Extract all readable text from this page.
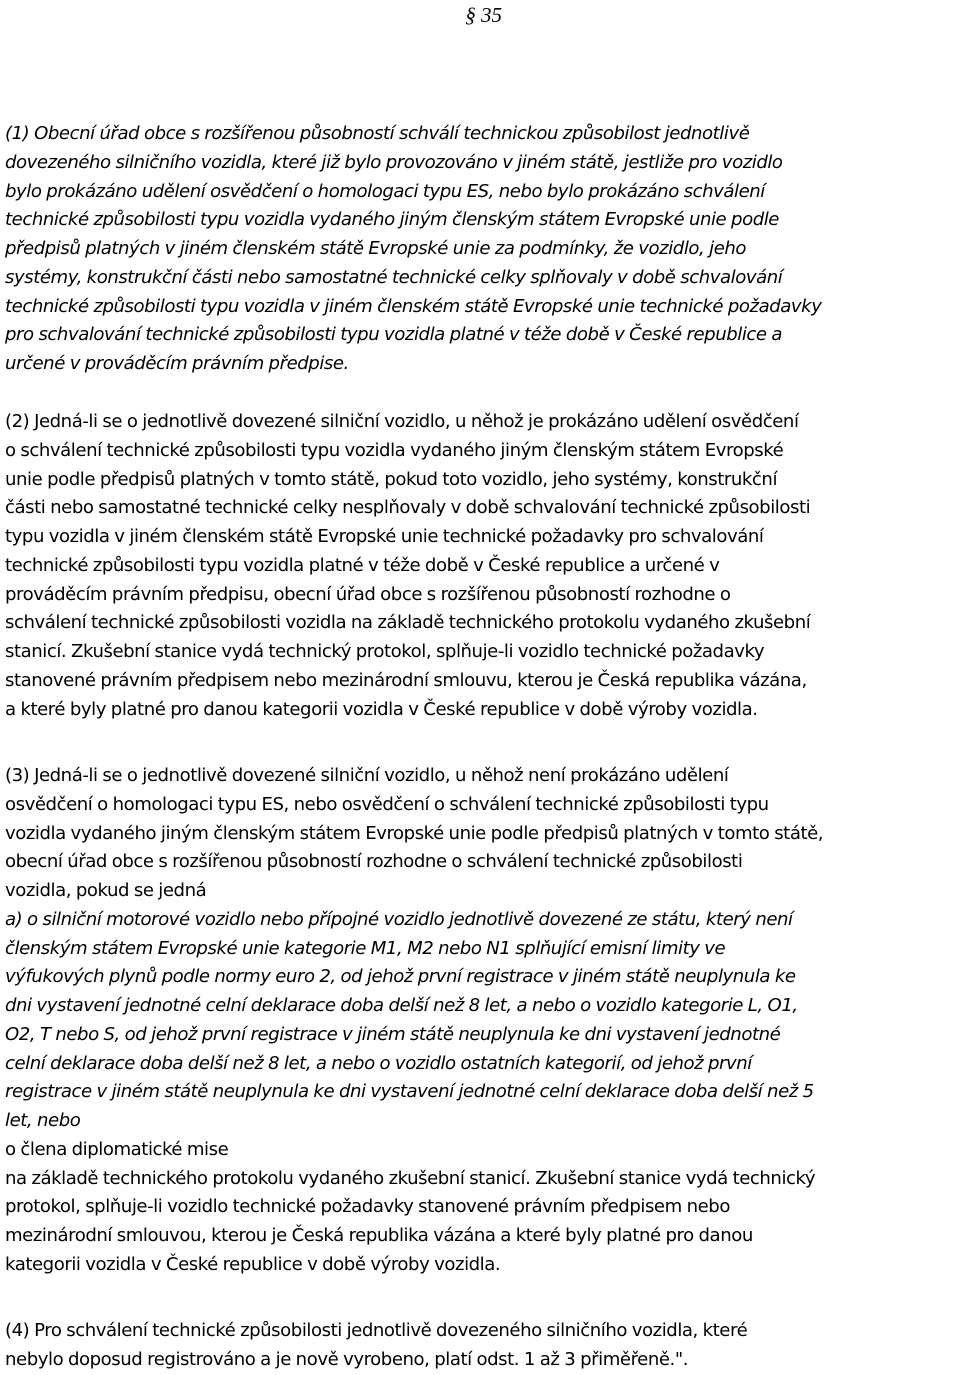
§ 35
(1) Obecní úřad obce s rozšířenou působností schválí technickou způsobilost jednotlivě
dovezeného silničního vozidla, které již bylo provozováno v jiném státě, jestliže pro vozidlo
bylo prokázáno udělení osvědčení o homologaci typu ES, nebo bylo prokázáno schválení
technické způsobilosti typu vozidla vydaného jiným členským státem Evropské unie podle
předpisů platných v jiném členském státě Evropské unie za podmínky, že vozidlo, jeho
systémy, konstrukční části nebo samostatné technické celky splňovaly v době schvalování
technické způsobilosti typu vozidla v jiném členském státě Evropské unie technické požadavky
pro schvalování technické způsobilosti typu vozidla platné v téže době v České republice a
určené v prováděcím právním předpise.
(2) Jedná-li se o jednotlivě dovezené silniční vozidlo, u něhož je prokázáno udělení osvědčení
o schválení technické způsobilosti typu vozidla vydaného jiným členským státem Evropské
unie podle předpisů platných v tomto státě, pokud toto vozidlo, jeho systémy, konstrukční
části nebo samostatné technické celky nesplňovaly v době schvalování technické způsobilosti
typu vozidla v jiném členském státě Evropské unie technické požadavky pro schvalování
technické způsobilosti typu vozidla platné v téže době v České republice a určené v
prováděcím právním předpisu, obecní úřad obce s rozšířenou působností rozhodne o
schválení technické způsobilosti vozidla na základě technického protokolu vydaného zkušební
stanicí. Zkušební stanice vydá technický protokol, splňuje-li vozidlo technické požadavky
stanovené právním předpisem nebo mezinárodní smlouvu, kterou je Česká republika vázána,
a které byly platné pro danou kategorii vozidla v České republice v době výroby vozidla.
(3) Jedná-li se o jednotlivě dovezené silniční vozidlo, u něhož není prokázáno udělení
osvědčení o homologaci typu ES, nebo osvědčení o schválení technické způsobilosti typu
vozidla vydaného jiným členským státem Evropské unie podle předpisů platných v tomto státě,
obecní úřad obce s rozšířenou působností rozhodne o schválení technické způsobilosti
vozidla, pokud se jedná
a) o silniční motorové vozidlo nebo přípojné vozidlo jednotlivě dovezené ze státu, který není
členským státem Evropské unie kategorie M1, M2 nebo N1 splňující emisní limity ve
výfukových plynů podle normy euro 2, od jehož první registrace v jiném státě neuplynula ke
dni vystavení jednotné celní deklarace doba delší než 8 let, a nebo o vozidlo kategorie L, O1,
O2, T nebo S, od jehož první registrace v jiném státě neuplynula ke dni vystavení jednotné
celní deklarace doba delší než 8 let, a nebo o vozidlo ostatních kategorií, od jehož první
registrace v jiném státě neuplynula ke dni vystavení jednotné celní deklarace doba delší než 5
let, nebo
o člena diplomatické mise
na základě technického protokolu vydaného zkušební stanicí. Zkušební stanice vydá technický
protokol, splňuje-li vozidlo technické požadavky stanovené právním předpisem nebo
mezinárodní smlouvou, kterou je Česká republika vázána a které byly platné pro danou
kategorii vozidla v České republice v době výroby vozidla.
(4) Pro schválení technické způsobilosti jednotlivě dovezeného silničního vozidla, které
nebylo doposud registrováno a je nově vyrobeno, platí odst. 1 až 3 přiměřeně.".
